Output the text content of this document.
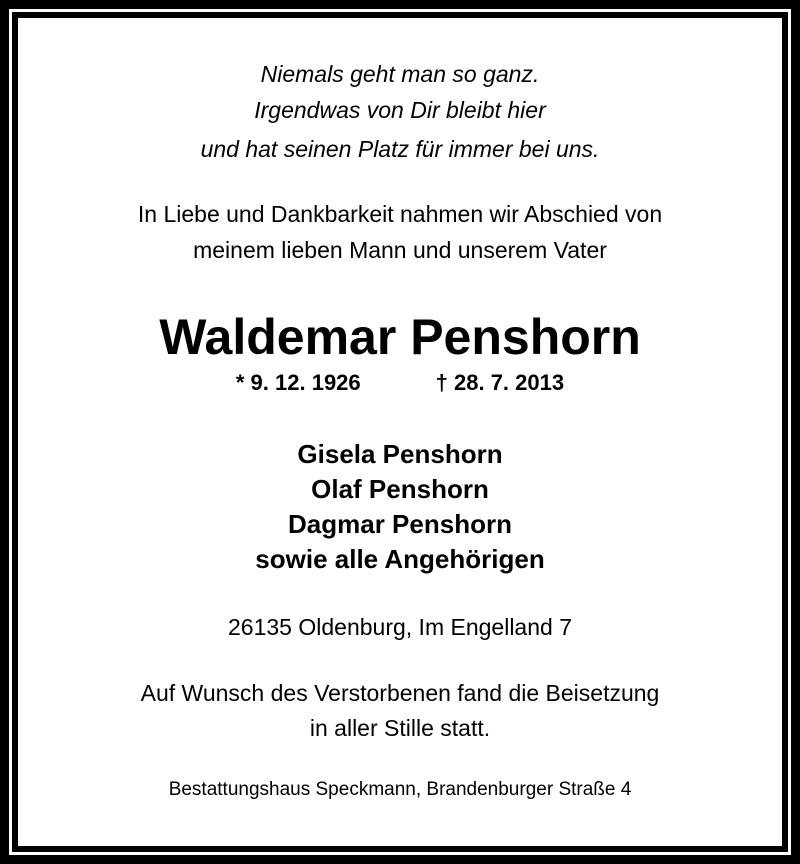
Niemals geht man so ganz.
Irgendwas von Dir bleibt hier
und hat seinen Platz für immer bei uns.
In Liebe und Dankbarkeit nahmen wir Abschied von
meinem lieben Mann und unserem Vater
Waldemar Penshorn
* 9. 12. 1926	† 28. 7. 2013
Gisela Penshorn
Olaf Penshorn
Dagmar Penshorn
sowie alle Angehörigen
26135 Oldenburg, Im Engelland 7
Auf Wunsch des Verstorbenen fand die Beisetzung
in aller Stille statt.
Bestattungshaus Speckmann, Brandenburger Straße 4
